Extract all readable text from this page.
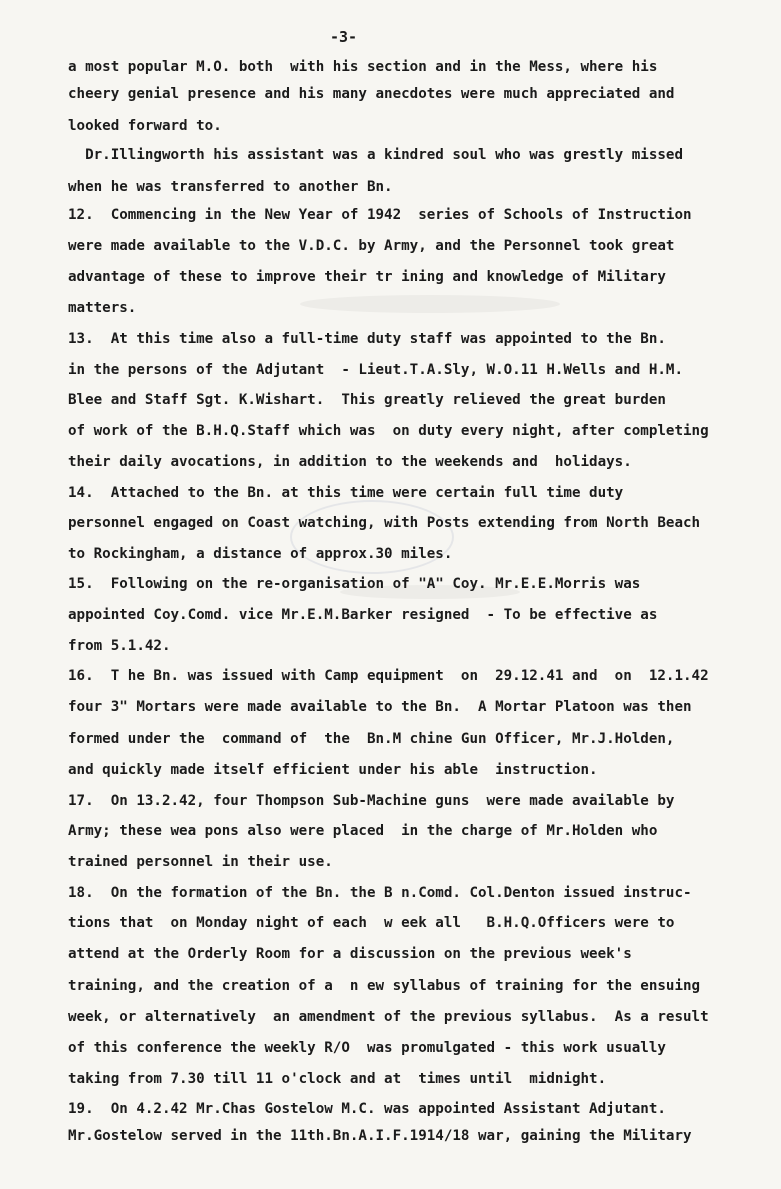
-3-
a most popular M.O. both  with his section and in the Mess, where his
cheery genial presence and his many anecdotes were much appreciated and
looked forward to.
Dr.Illingworth his assistant was a kindred soul who was grestly missed
when he was transferred to another Bn.
12.  Commencing in the New Year of 1942  series of Schools of Instruction
were made available to the V.D.C. by Army, and the Personnel took great
advantage of these to improve their tr ining and knowledge of Military
matters.
13.  At this time also a full-time duty staff was appointed to the Bn.
in the persons of the Adjutant  - Lieut.T.A.Sly, W.O.11 H.Wells and H.M.
Blee and Staff Sgt. K.Wishart.  This greatly relieved the great burden
of work of the B.H.Q.Staff which was  on duty every night, after completing
their daily avocations, in addition to the weekends and  holidays.
14.  Attached to the Bn. at this time were certain full time duty
personnel engaged on Coast watching, with Posts extending from North Beach
to Rockingham, a distance of approx.30 miles.
15.  Following on the re-organisation of "A" Coy. Mr.E.E.Morris was
appointed Coy.Comd. vice Mr.E.M.Barker resigned  - To be effective as
from 5.1.42.
16.  T he Bn. was issued with Camp equipment  on  29.12.41 and  on  12.1.42
four 3" Mortars were made available to the Bn.  A Mortar Platoon was then
formed under the  command of  the  Bn.M chine Gun Officer, Mr.J.Holden,
and quickly made itself efficient under his able  instruction.
17.  On 13.2.42, four Thompson Sub-Machine guns  were made available by
Army; these wea pons also were placed  in the charge of Mr.Holden who
trained personnel in their use.
18.  On the formation of the Bn. the B n.Comd. Col.Denton issued instruc-
tions that  on Monday night of each  w eek all   B.H.Q.Officers were to
attend at the Orderly Room for a discussion on the previous week's
training, and the creation of a  n ew syllabus of training for the ensuing
week, or alternatively  an amendment of the previous syllabus.  As a result
of this conference the weekly R/O  was promulgated - this work usually
taking from 7.30 till 11 o'clock and at  times until  midnight.
19.  On 4.2.42 Mr.Chas Gostelow M.C. was appointed Assistant Adjutant.
Mr.Gostelow served in the 11th.Bn.A.I.F.1914/18 war, gaining the Military
